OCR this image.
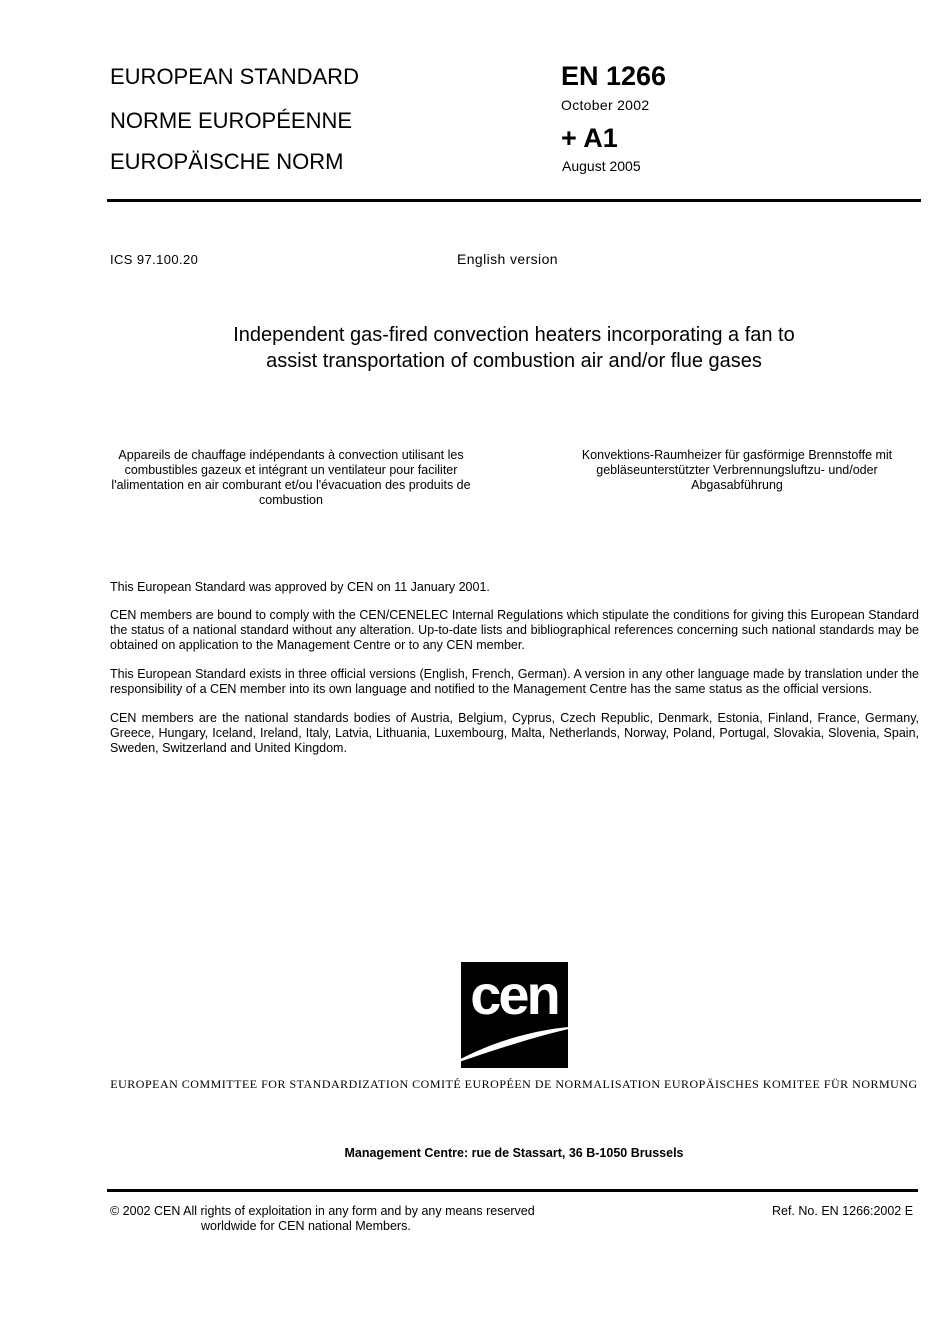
EUROPEAN STANDARD
NORME EUROPÉENNE
EUROPÄISCHE NORM
EN 1266
October 2002
+ A1
August 2005
ICS 97.100.20	English version
Independent gas-fired convection heaters incorporating a fan to
assist transportation of combustion air and/or flue gases
Appareils de chauffage indépendants à convection utilisant les combustibles gazeux et intégrant un ventilateur pour faciliter l'alimentation en air comburant et/ou l'évacuation des produits de combustion
Konvektions-Raumheizer für gasförmige Brennstoffe mit gebläseunterstützter Verbrennungsluftzu- und/oder Abgasabführung

This European Standard was approved by CEN on 11 January 2001.

CEN members are bound to comply with the CEN/CENELEC Internal Regulations which stipulate the conditions for giving this European Standard the status of a national standard without any alteration. Up-to-date lists and bibliographical references concerning such national standards may be obtained on application to the Management Centre or to any CEN member.

This European Standard exists in three official versions (English, French, German). A version in any other language made by translation under the responsibility of a CEN member into its own language and notified to the Management Centre has the same status as the official versions.

CEN members are the national standards bodies of Austria, Belgium, Cyprus, Czech Republic, Denmark, Estonia, Finland, France, Germany, Greece, Hungary, Iceland, Ireland, Italy, Latvia, Lithuania, Luxembourg, Malta, Netherlands, Norway, Poland, Portugal, Slovakia, Slovenia, Spain, Sweden, Switzerland and United Kingdom.

cen
EUROPEAN COMMITTEE FOR STANDARDIZATION COMITÉ EUROPÉEN DE NORMALISATION EUROPÄISCHES KOMITEE FÜR NORMUNG
Management Centre: rue de Stassart, 36 B-1050 Brussels
© 2002 CEN All rights of exploitation in any form and by any means reserved
worldwide for CEN national Members.
Ref. No. EN 1266:2002 E
